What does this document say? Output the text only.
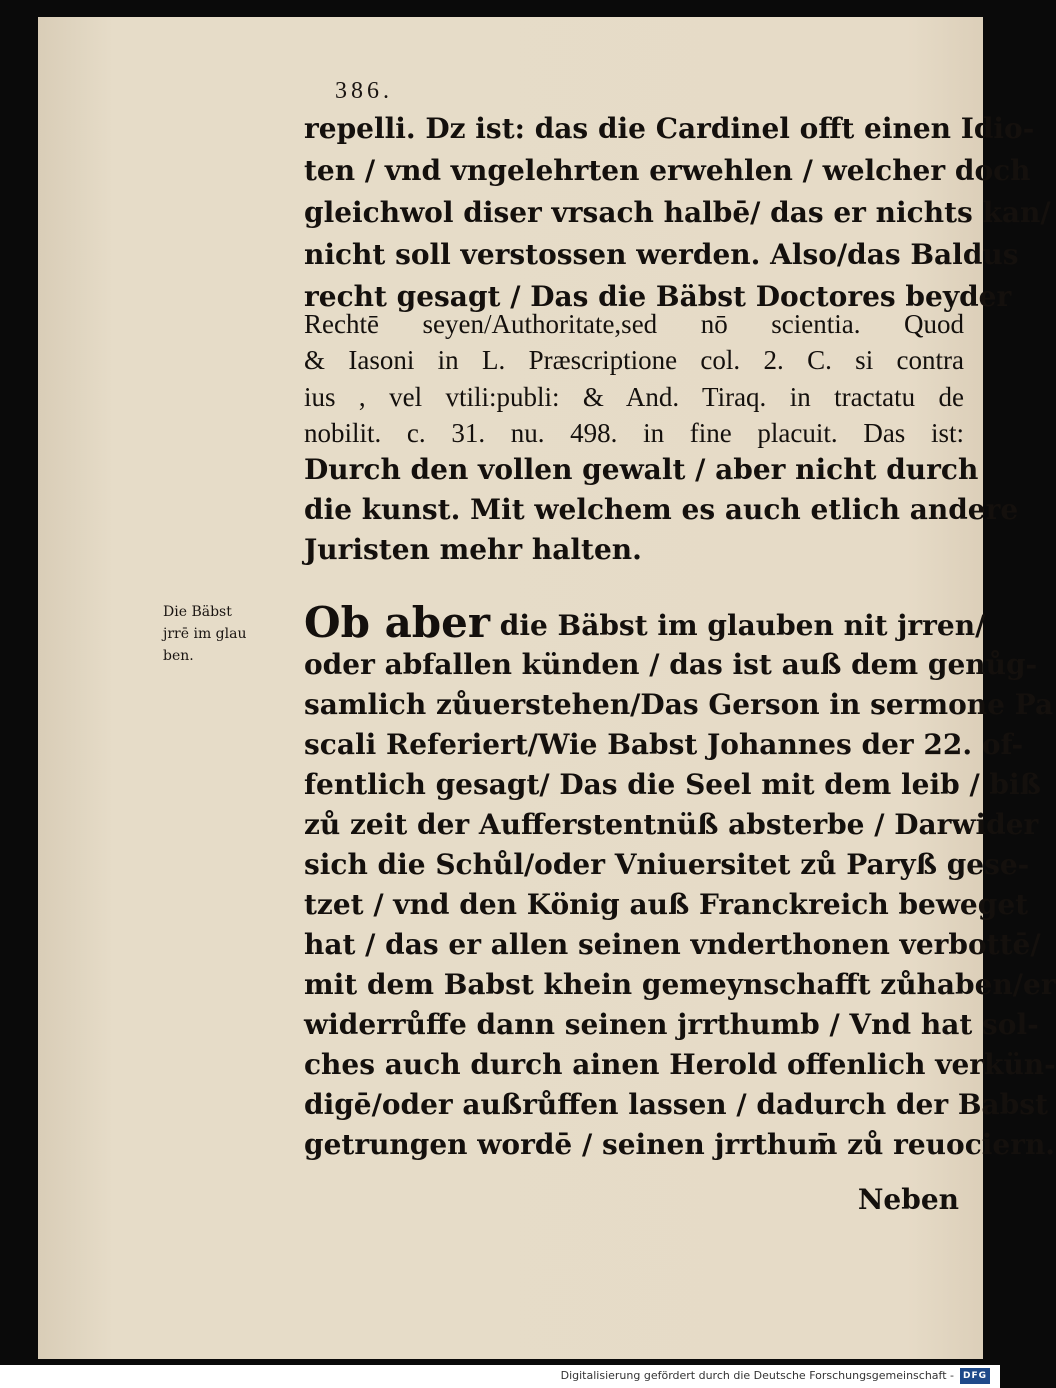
386.

repelli. Dz ist: das die Cardinel offt einen Idio-

ten / vnd vngelehrten erwehlen / welcher doch

gleichwol diser vrsach halbē/ das er nichts kan/

nicht soll verstossen werden. Also/das Baldus

recht gesagt / Das die Bäbst Doctores beyder

Rechtē seyen/Authoritate,sed nō scientia. Quod

& Iasoni in L. Præscriptione col. 2. C. si contra

ius , vel vtili:publi: & And. Tiraq. in tractatu de

nobilit. c. 31. nu. 498. in fine placuit. Das ist:

Durch den vollen gewalt / aber nicht durch

die kunst. Mit welchem es auch etlich andere

Juristen mehr halten.

Die Bäbst
jrrē im glau
ben.

Ob aber die Bäbst im glauben nit jrren/

oder abfallen künden / das ist auß dem genůg-

samlich zůuerstehen/Das Gerson in sermone Pa

scali Referiert/Wie Babst Johannes der 22. of-

fentlich gesagt/ Das die Seel mit dem leib / biß

zů zeit der Aufferstentnüß absterbe / Darwider

sich die Schůl/oder Vniuersitet zů Paryß gese-

tzet / vnd den König auß Franckreich beweget

hat / das er allen seinen vnderthonen verbottē/

mit dem Babst khein gemeynschafft zůhaben/er

widerrůffe dann seinen jrrthumb / Vnd hat sol-

ches auch durch ainen Herold offenlich verkün-

digē/oder außrůffen lassen / dadurch der Babst

getrungen wordē / seinen jrrthum̄ zů reuociern.

Neben

Digitalisierung gefördert durch die Deutsche Forschungsgemeinschaft - DFG
